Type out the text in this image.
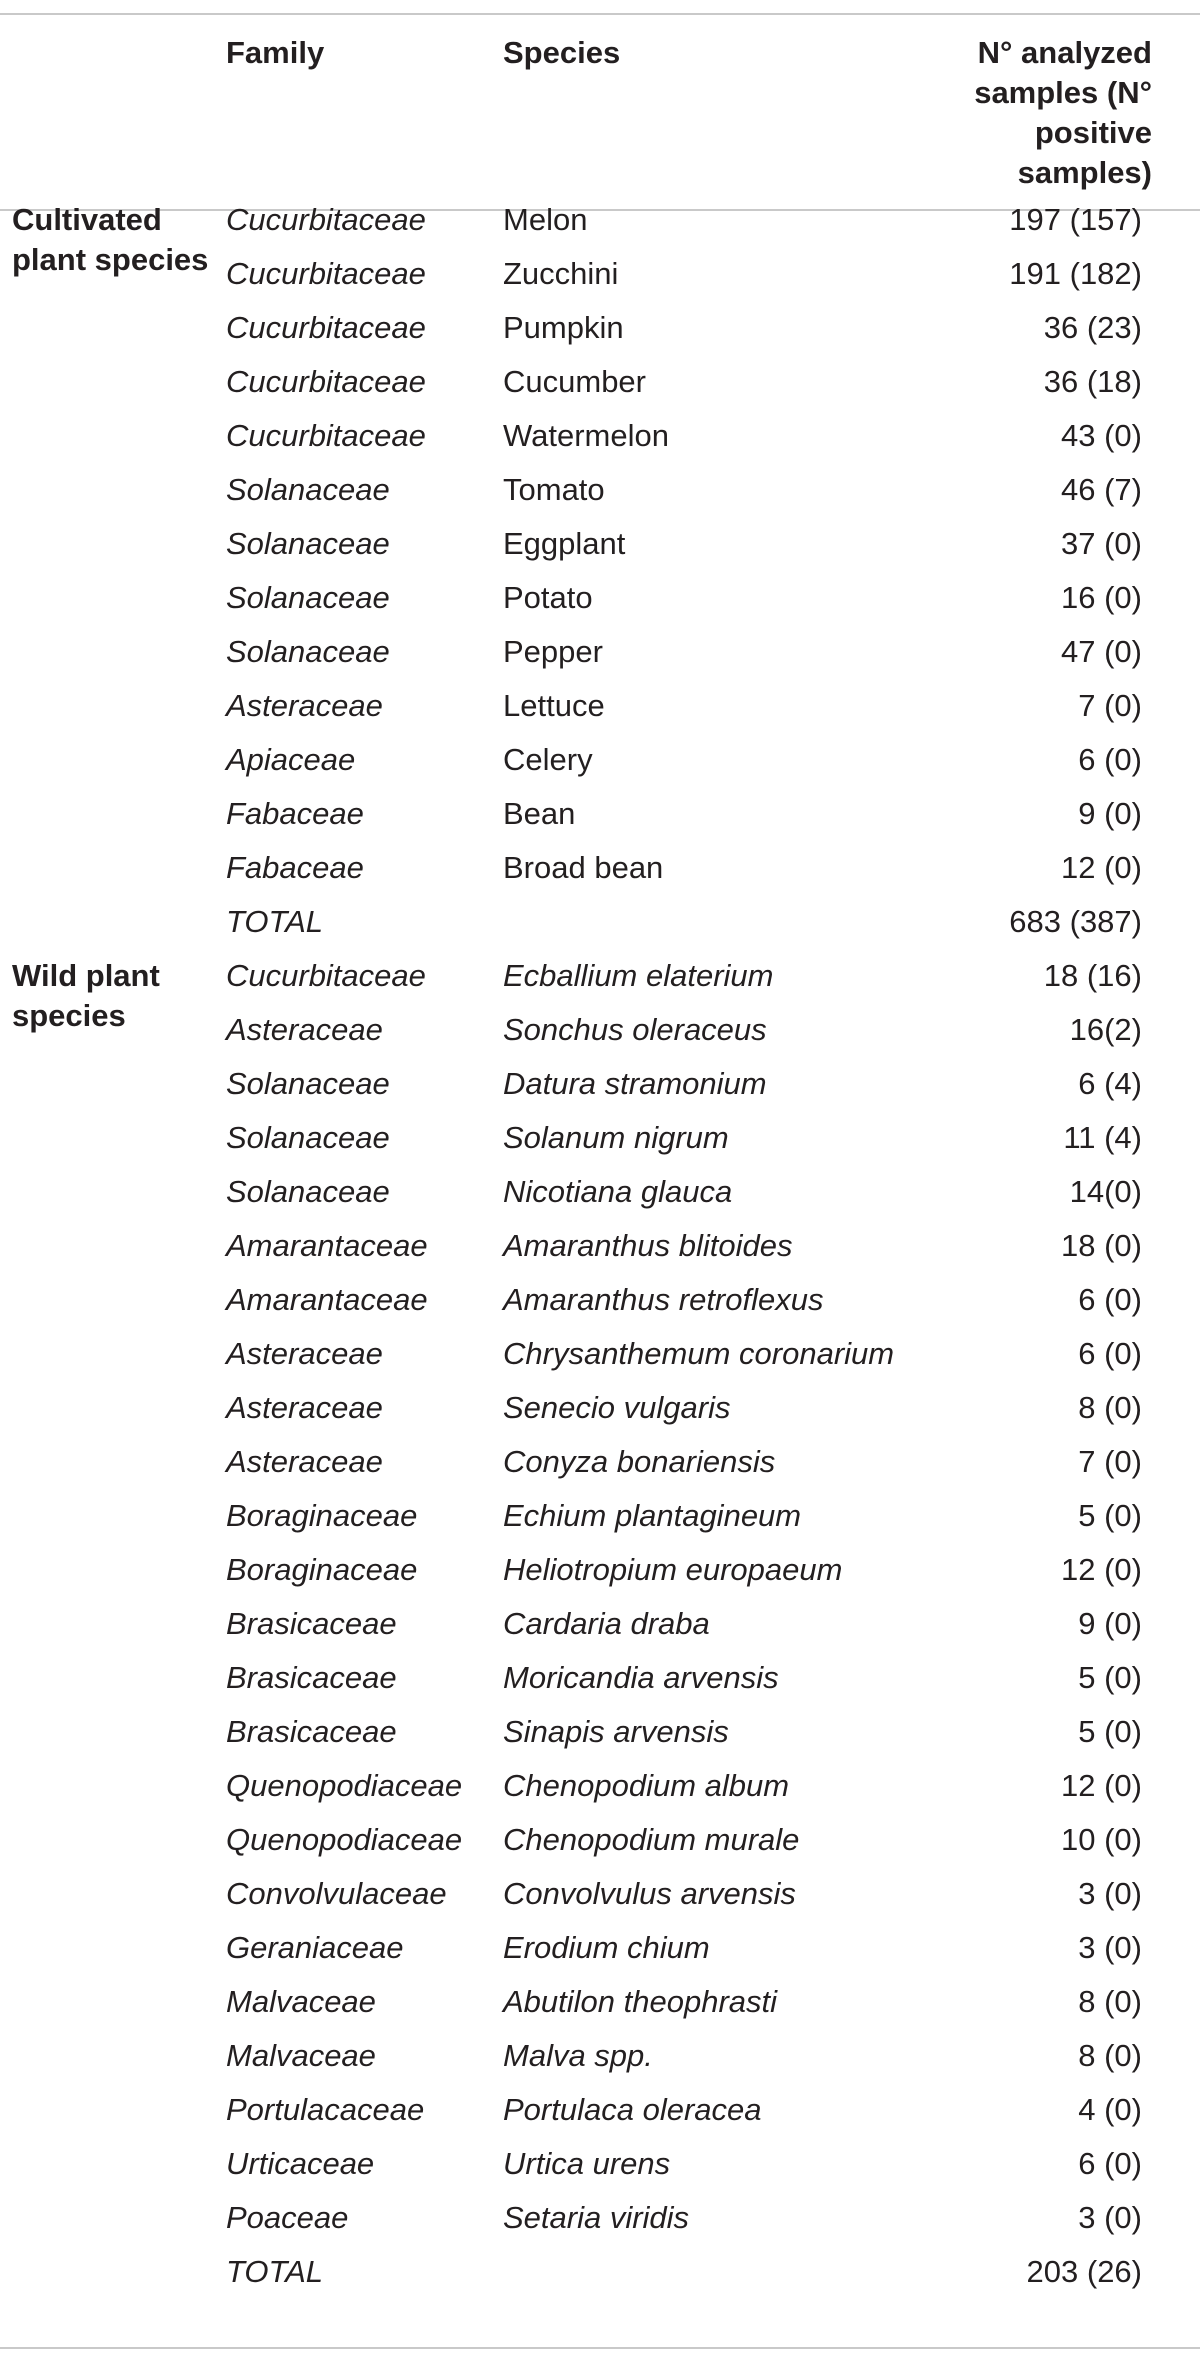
	Family	Species	N° analyzed samples (N° positive samples)
Cultivated plant species	Cucurbitaceae	Melon	197 (157)
	Cucurbitaceae	Zucchini	191 (182)
	Cucurbitaceae	Pumpkin	36 (23)
	Cucurbitaceae	Cucumber	36 (18)
	Cucurbitaceae	Watermelon	43 (0)
	Solanaceae	Tomato	46 (7)
	Solanaceae	Eggplant	37 (0)
	Solanaceae	Potato	16 (0)
	Solanaceae	Pepper	47 (0)
	Asteraceae	Lettuce	7 (0)
	Apiaceae	Celery	6 (0)
	Fabaceae	Bean	9 (0)
	Fabaceae	Broad bean	12 (0)
	TOTAL		683 (387)
Wild plant species	Cucurbitaceae	Ecballium elaterium	18 (16)
	Asteraceae	Sonchus oleraceus	16(2)
	Solanaceae	Datura stramonium	6 (4)
	Solanaceae	Solanum nigrum	11 (4)
	Solanaceae	Nicotiana glauca	14(0)
	Amarantaceae	Amaranthus blitoides	18 (0)
	Amarantaceae	Amaranthus retroflexus	6 (0)
	Asteraceae	Chrysanthemum coronarium	6 (0)
	Asteraceae	Senecio vulgaris	8 (0)
	Asteraceae	Conyza bonariensis	7 (0)
	Boraginaceae	Echium plantagineum	5 (0)
	Boraginaceae	Heliotropium europaeum	12 (0)
	Brasicaceae	Cardaria draba	9 (0)
	Brasicaceae	Moricandia arvensis	5 (0)
	Brasicaceae	Sinapis arvensis	5 (0)
	Quenopodiaceae	Chenopodium album	12 (0)
	Quenopodiaceae	Chenopodium murale	10 (0)
	Convolvulaceae	Convolvulus arvensis	3 (0)
	Geraniaceae	Erodium chium	3 (0)
	Malvaceae	Abutilon theophrasti	8 (0)
	Malvaceae	Malva spp.	8 (0)
	Portulacaceae	Portulaca oleracea	4 (0)
	Urticaceae	Urtica urens	6 (0)
	Poaceae	Setaria viridis	3 (0)
	TOTAL		203 (26)
